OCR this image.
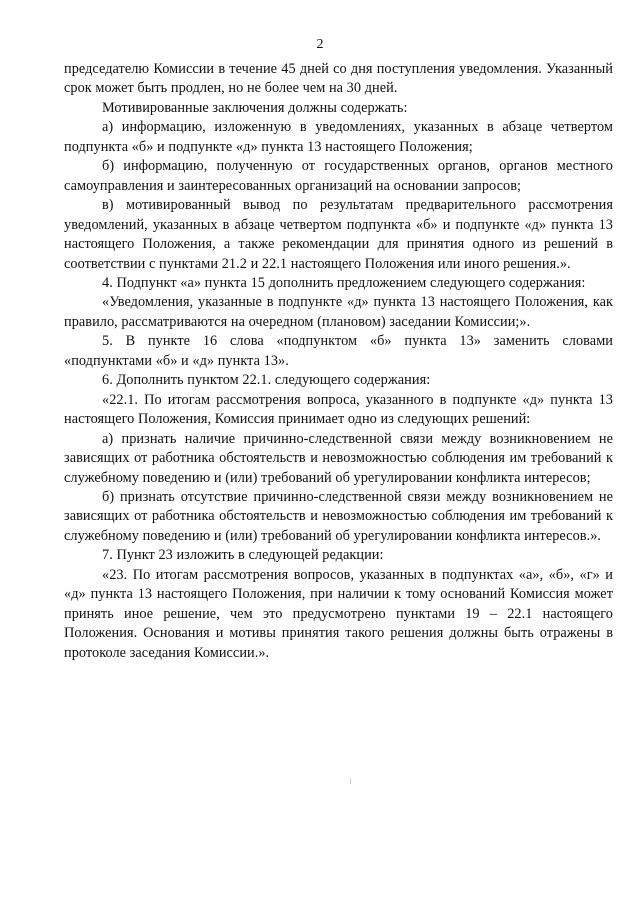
2

председателю Комиссии в течение 45 дней со дня поступления уведомления. Указанный срок может быть продлен, но не более чем на 30 дней.

Мотивированные заключения должны содержать:

а) информацию, изложенную в уведомлениях, указанных в абзаце четвертом подпункта «б» и подпункте «д» пункта 13 настоящего Положения;

б) информацию, полученную от государственных органов, органов местного самоуправления и заинтересованных организаций на основании запросов;

в) мотивированный вывод по результатам предварительного рассмотрения уведомлений, указанных в абзаце четвертом подпункта «б» и подпункте «д» пункта 13 настоящего Положения, а также рекомендации для принятия одного из решений в соответствии с пунктами 21.2 и 22.1 настоящего Положения или иного решения.».

4. Подпункт «а» пункта 15 дополнить предложением следующего содержания:

«Уведомления, указанные в подпункте «д» пункта 13 настоящего Положения, как правило, рассматриваются на очередном (плановом) заседании Комиссии;».

5. В пункте 16 слова «подпунктом «б» пункта 13» заменить словами «подпунктами «б» и «д» пункта 13».

6. Дополнить пунктом 22.1. следующего содержания:

«22.1. По итогам рассмотрения вопроса, указанного в подпункте «д» пункта 13 настоящего Положения, Комиссия принимает одно из следующих решений:

а) признать наличие причинно-следственной связи между возникновением не зависящих от работника обстоятельств и невозможностью соблюдения им требований к служебному поведению и (или) требований об урегулировании конфликта интересов;

б) признать отсутствие причинно-следственной связи между возникновением не зависящих от работника обстоятельств и невозможностью соблюдения им требований к служебному поведению и (или) требований об урегулировании конфликта интересов.».

7. Пункт 23 изложить в следующей редакции:

«23. По итогам рассмотрения вопросов, указанных в подпунктах «а», «б», «г» и «д» пункта 13 настоящего Положения, при наличии к тому оснований Комиссия может принять иное решение, чем это предусмотрено пунктами 19 – 22.1 настоящего Положения. Основания и мотивы принятия такого решения должны быть отражены в протоколе заседания Комиссии.».
